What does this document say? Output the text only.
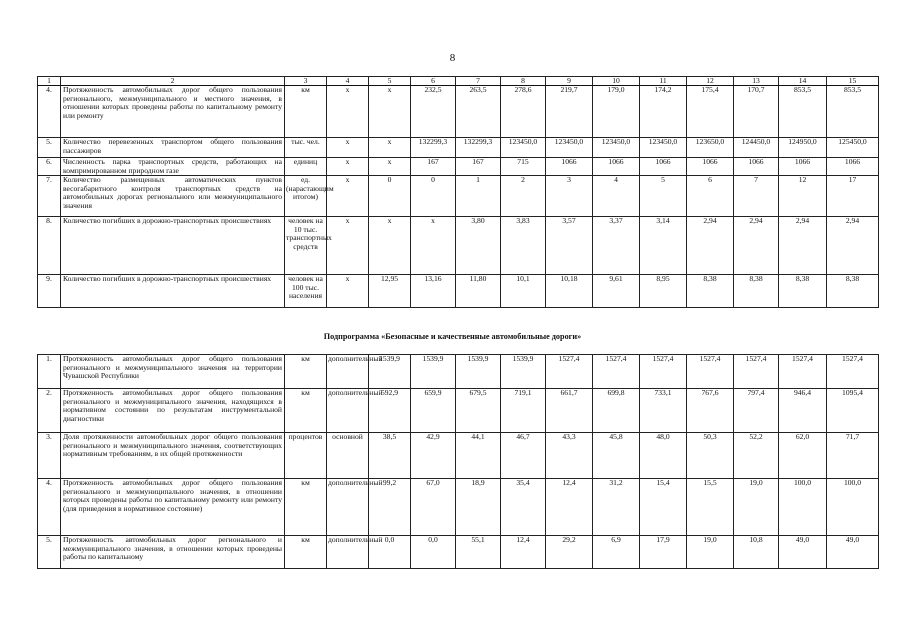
8
1	2	3	4	5	6	7	8	9	10	11	12	13	14	15
4.	Протяженность автомобильных дорог общего пользования регионального, межмуниципального и местного значения, в отношении которых проведены работы по капитальному ремонту или ремонту	км	х	х	232,5	263,5	278,6	219,7	179,0	174,2	175,4	170,7	853,5	853,5
5.	Количество перевезенных транспортом общего пользования пассажиров	тыс. чел.	х	х	132299,3	132299,3	123450,0	123450,0	123450,0	123450,0	123650,0	124450,0	124950,0	125450,0
6.	Численность парка транспортных средств, работающих на компримированном природном газе	единиц	х	х	167	167	715	1066	1066	1066	1066	1066	1066	1066
7.	Количество размещенных автоматических пунктов весогабаритного контроля транспортных средств на автомобильных дорогах регионального или межмуниципального значения	ед. (нарастающим итогом)	х	0	0	1	2	3	4	5	6	7	12	17
8.	Количество погибших в дорожно-транспортных происшествиях	человек на 10 тыс. транспортных средств	х	х	х	3,80	3,83	3,57	3,37	3,14	2,94	2,94	2,94	2,94
9.	Количество погибших в дорожно-транспортных происшествиях	человек на 100 тыс. населения	х	12,95	13,16	11,80	10,1	10,18	9,61	8,95	8,38	8,38	8,38	8,38
Подпрограмма «Безопасные и качественные автомобильные дороги»
1.	Протяженность автомобильных дорог общего пользования регионального и межмуниципального значения на территории Чувашской Республики	км	дополнительный	1539,9	1539,9	1539,9	1539,9	1527,4	1527,4	1527,4	1527,4	1527,4	1527,4	1527,4
2.	Протяженность автомобильных дорог общего пользования регионального и межмуниципального значения, находящихся в нормативном состоянии по результатам инструментальной диагностики	км	дополнительный	592,9	659,9	679,5	719,1	661,7	699,8	733,1	767,6	797,4	946,4	1095,4
3.	Доля протяженности автомобильных дорог общего пользования регионального и межмуниципального значения, соответствующих нормативным требованиям, в их общей протяженности	процентов	основной	38,5	42,9	44,1	46,7	43,3	45,8	48,0	50,3	52,2	62,0	71,7
4.	Протяженность автомобильных дорог общего пользования регионального и межмуниципального значения, в отношении которых проведены работы по капитальному ремонту или ремонту (для приведения в нормативное состояние)	км	дополнительный	99,2	67,0	18,9	35,4	12,4	31,2	15,4	15,5	19,0	100,0	100,0
5.	Протяженность автомобильных дорог регионального и межмуниципального значения, в отношении которых проведены работы по капитальному	км	дополнительный	0,0	0,0	55,1	12,4	29,2	6,9	17,9	19,0	10,8	49,0	49,0
